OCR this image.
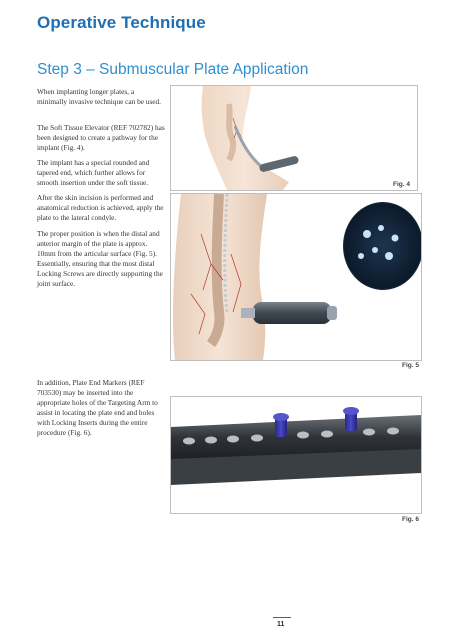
Operative Technique
Step 3 – Submuscular Plate Application
When implanting longer plates, a minimally invasive technique can be used.
The Soft Tissue Elevator (REF 702782) has been designed to create a pathway for the implant (Fig. 4).
The implant has a special rounded and tapered end, which further allows for smooth insertion under the soft tissue.
After the skin incision is performed and anatomical reduction is achieved, apply the plate to the lateral condyle.
The proper position is when the distal and anterior margin of the plate is approx. 10mm from the articular surface (Fig. 5). Essentially, ensuring that the most distal Locking Screws are directly supporting the joint surface.
In addition, Plate End Markers (REF 703530) may be inserted into the appropriate holes of the Targeting Arm to assist in locating the plate end and holes with Locking Inserts during the entire procedure (Fig. 6).
Fig. 4
Fig. 5
Fig. 6
11
